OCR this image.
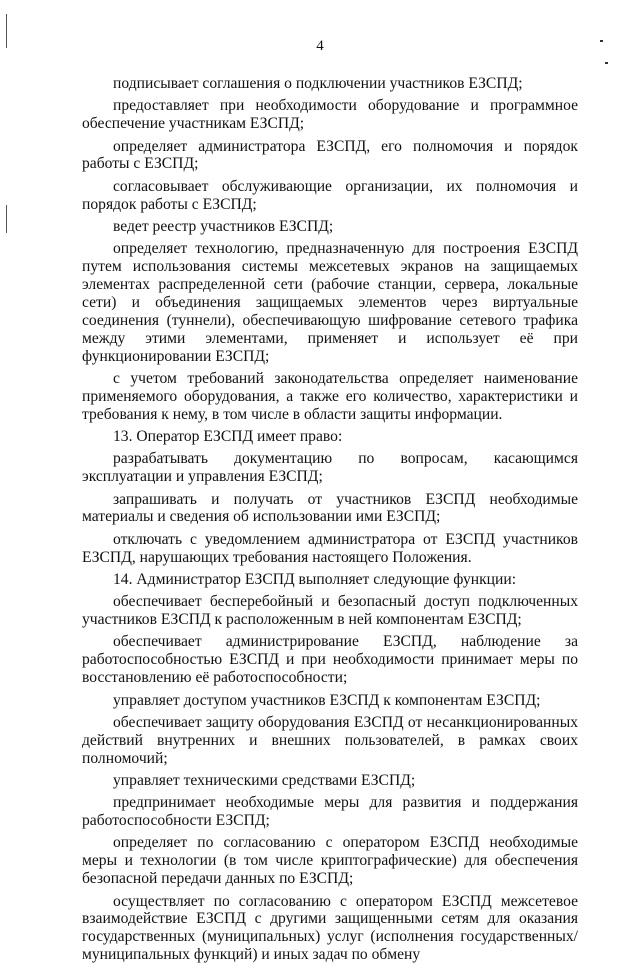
4

подписывает соглашения о подключении участников ЕЗСПД;

предоставляет при необходимости оборудование и программное обеспечение участникам ЕЗСПД;

определяет администратора ЕЗСПД, его полномочия и порядок работы с ЕЗСПД;

согласовывает обслуживающие организации, их полномочия и порядок работы с ЕЗСПД;

ведет реестр участников ЕЗСПД;

определяет технологию, предназначенную для построения ЕЗСПД путем использования системы межсетевых экранов на защищаемых элементах распределенной сети (рабочие станции, сервера, локальные сети) и объединения защищаемых элементов через виртуальные соединения (туннели), обеспечивающую шифрование сетевого трафика между этими элементами, применяет и использует её при функционировании ЕЗСПД;

с учетом требований законодательства определяет наименование применяемого оборудования, а также его количество, характеристики и требования к нему, в том числе в области защиты информации.

13. Оператор ЕЗСПД имеет право:

разрабатывать документацию по вопросам, касающимся эксплуатации и управления ЕЗСПД;

запрашивать и получать от участников ЕЗСПД необходимые материалы и сведения об использовании ими ЕЗСПД;

отключать с уведомлением администратора от ЕЗСПД участников ЕЗСПД, нарушающих требования настоящего Положения.

14. Администратор ЕЗСПД выполняет следующие функции:

обеспечивает бесперебойный и безопасный доступ подключенных участников ЕЗСПД к расположенным в ней компонентам ЕЗСПД;

обеспечивает администрирование ЕЗСПД, наблюдение за работоспособностью ЕЗСПД и при необходимости принимает меры по восстановлению её работоспособности;

управляет доступом участников ЕЗСПД к компонентам ЕЗСПД;

обеспечивает защиту оборудования ЕЗСПД от несанкционированных действий внутренних и внешних пользователей, в рамках своих полномочий;

управляет техническими средствами ЕЗСПД;

предпринимает необходимые меры для развития и поддержания работоспособности ЕЗСПД;

определяет по согласованию с оператором ЕЗСПД необходимые меры и технологии (в том числе криптографические) для обеспечения безопасной передачи данных по ЕЗСПД;

осуществляет по согласованию с оператором ЕЗСПД межсетевое взаимодействие ЕЗСПД с другими защищенными сетям для оказания государственных (муниципальных) услуг (исполнения государственных/муниципальных функций) и иных задач по обмену
